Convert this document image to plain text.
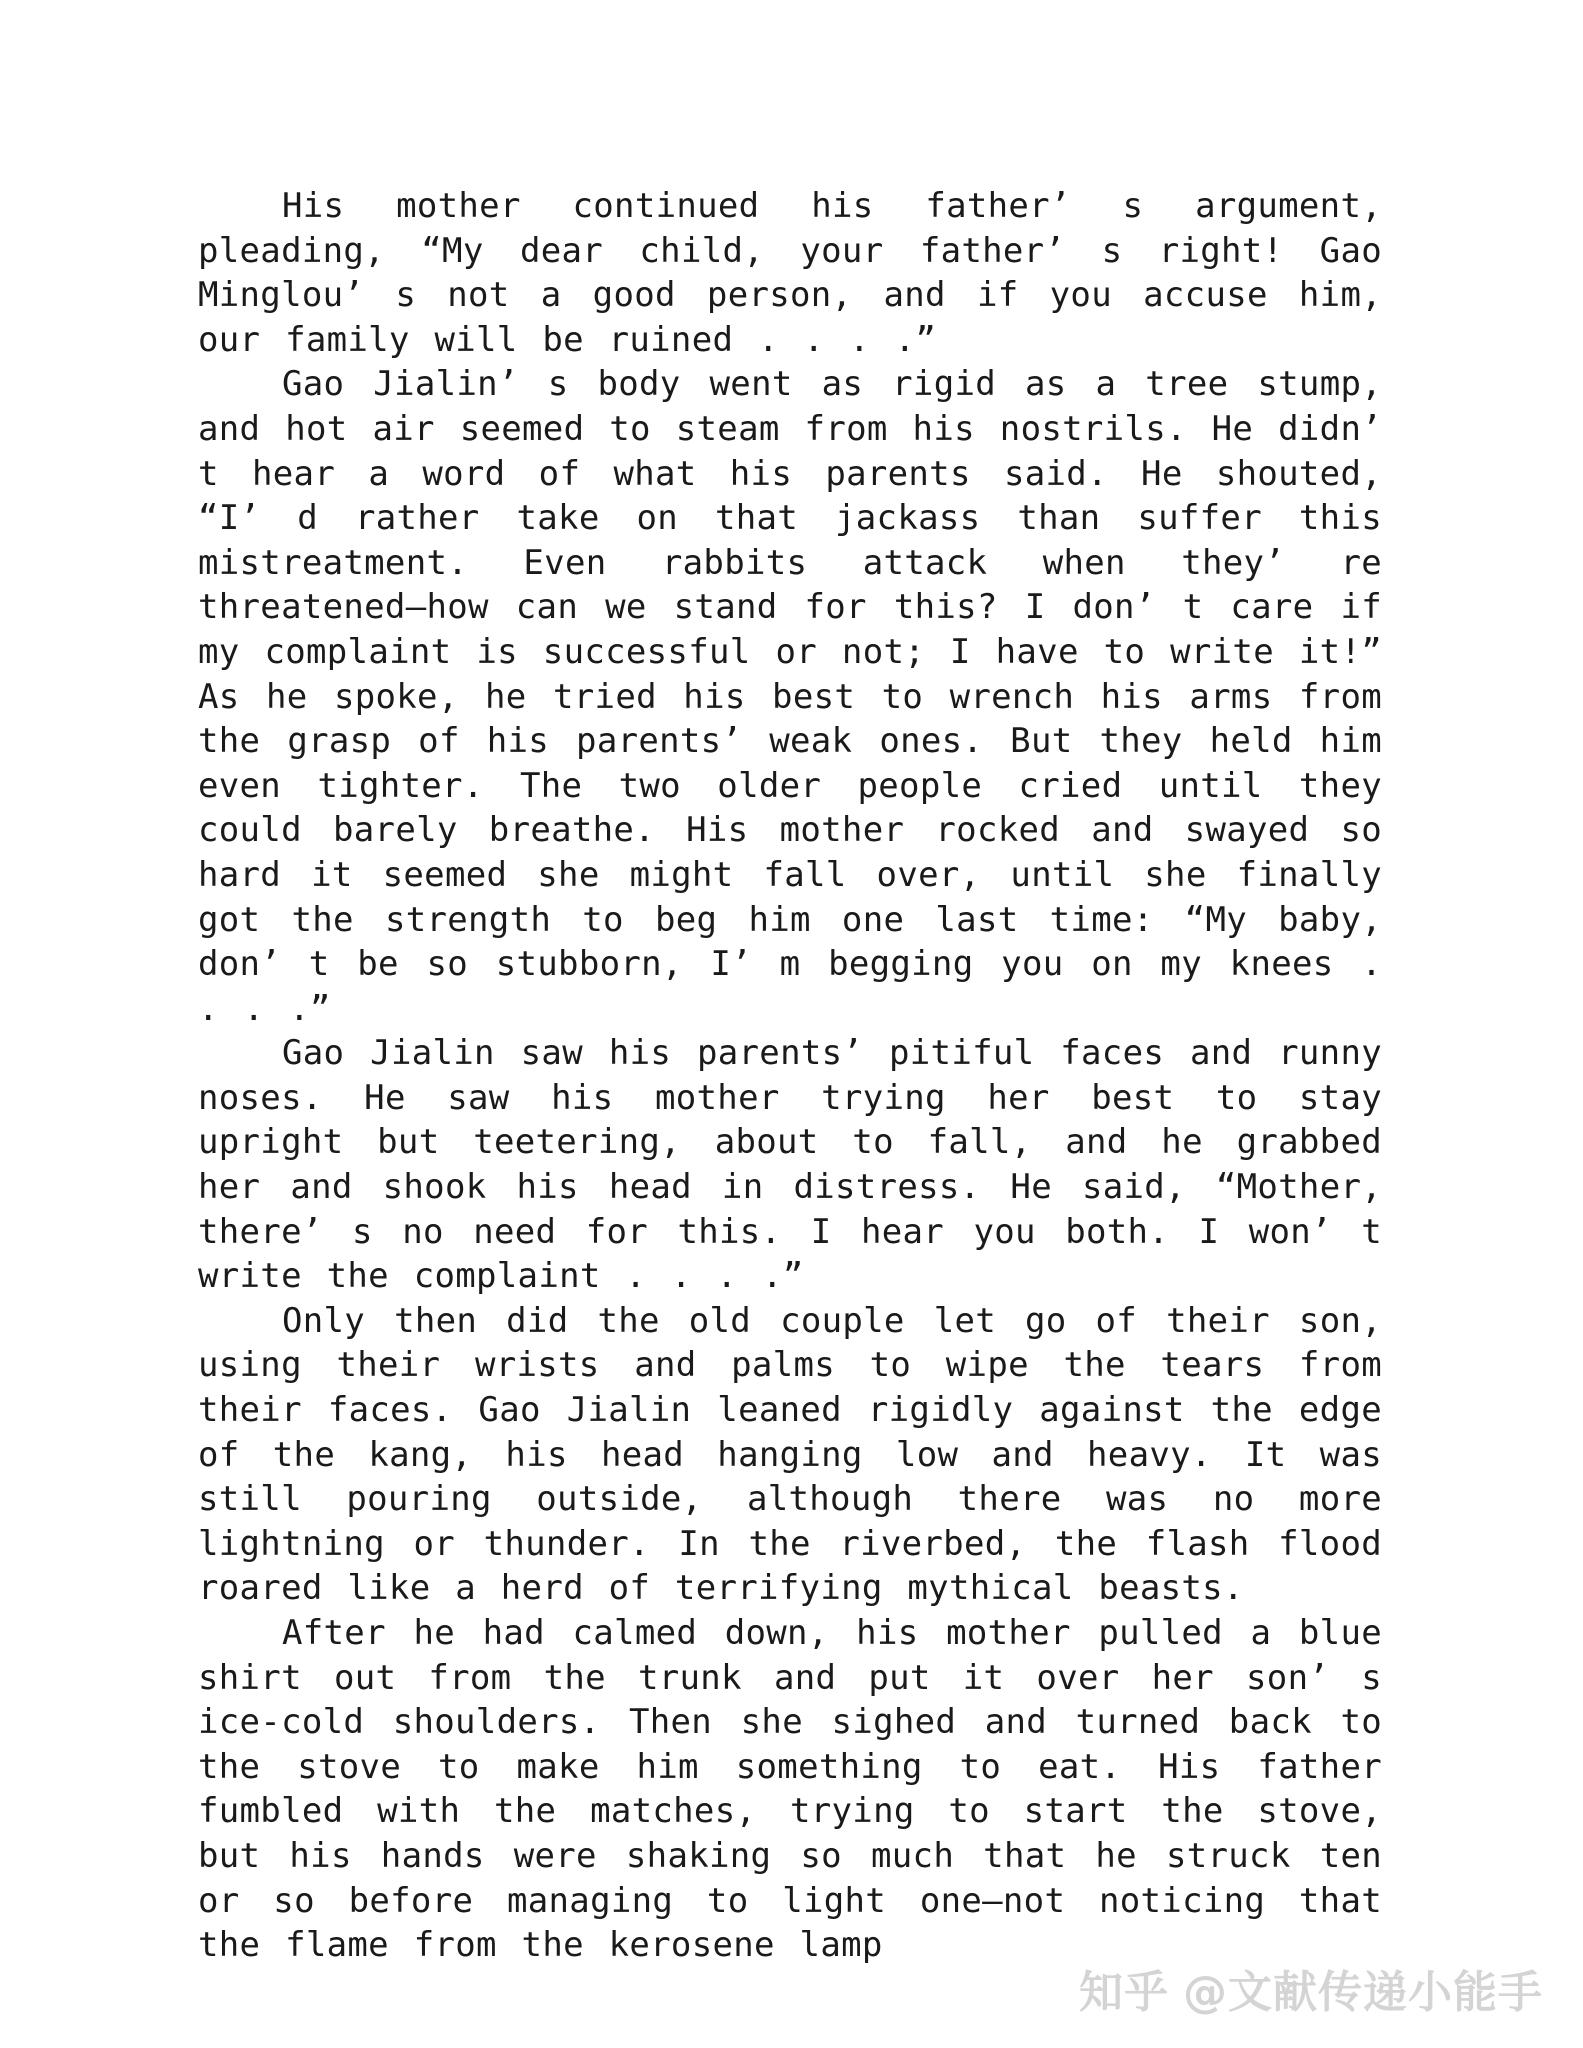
His mother continued his father’ s argument, pleading, “My dear child, your father’ s right! Gao Minglou’ s not a good person, and if you accuse him, our family will be ruined . . . .”

Gao Jialin’ s body went as rigid as a tree stump, and hot air seemed to steam from his nostrils. He didn’ t hear a word of what his parents said. He shouted, “I’ d rather take on that jackass than suffer this mistreatment. Even rabbits attack when they’ re threatened—how can we stand for this? I don’ t care if my complaint is successful or not; I have to write it!” As he spoke, he tried his best to wrench his arms from the grasp of his parents’ weak ones. But they held him even tighter. The two older people cried until they could barely breathe. His mother rocked and swayed so hard it seemed she might fall over, until she finally got the strength to beg him one last time: “My baby, don’ t be so stubborn, I’ m begging you on my knees . . . .”

Gao Jialin saw his parents’ pitiful faces and runny noses. He saw his mother trying her best to stay upright but teetering, about to fall, and he grabbed her and shook his head in distress. He said, “Mother, there’ s no need for this. I hear you both. I won’ t write the complaint . . . .”

Only then did the old couple let go of their son, using their wrists and palms to wipe the tears from their faces. Gao Jialin leaned rigidly against the edge of the kang, his head hanging low and heavy. It was still pouring outside, although there was no more lightning or thunder. In the riverbed, the flash flood roared like a herd of terrifying mythical beasts.

After he had calmed down, his mother pulled a blue shirt out from the trunk and put it over her son’ s ice-cold shoulders. Then she sighed and turned back to the stove to make him something to eat. His father fumbled with the matches, trying to start the stove, but his hands were shaking so much that he struck ten or so before managing to light one—not noticing that the flame from the kerosene lamp

知乎 @文献传递小能手
